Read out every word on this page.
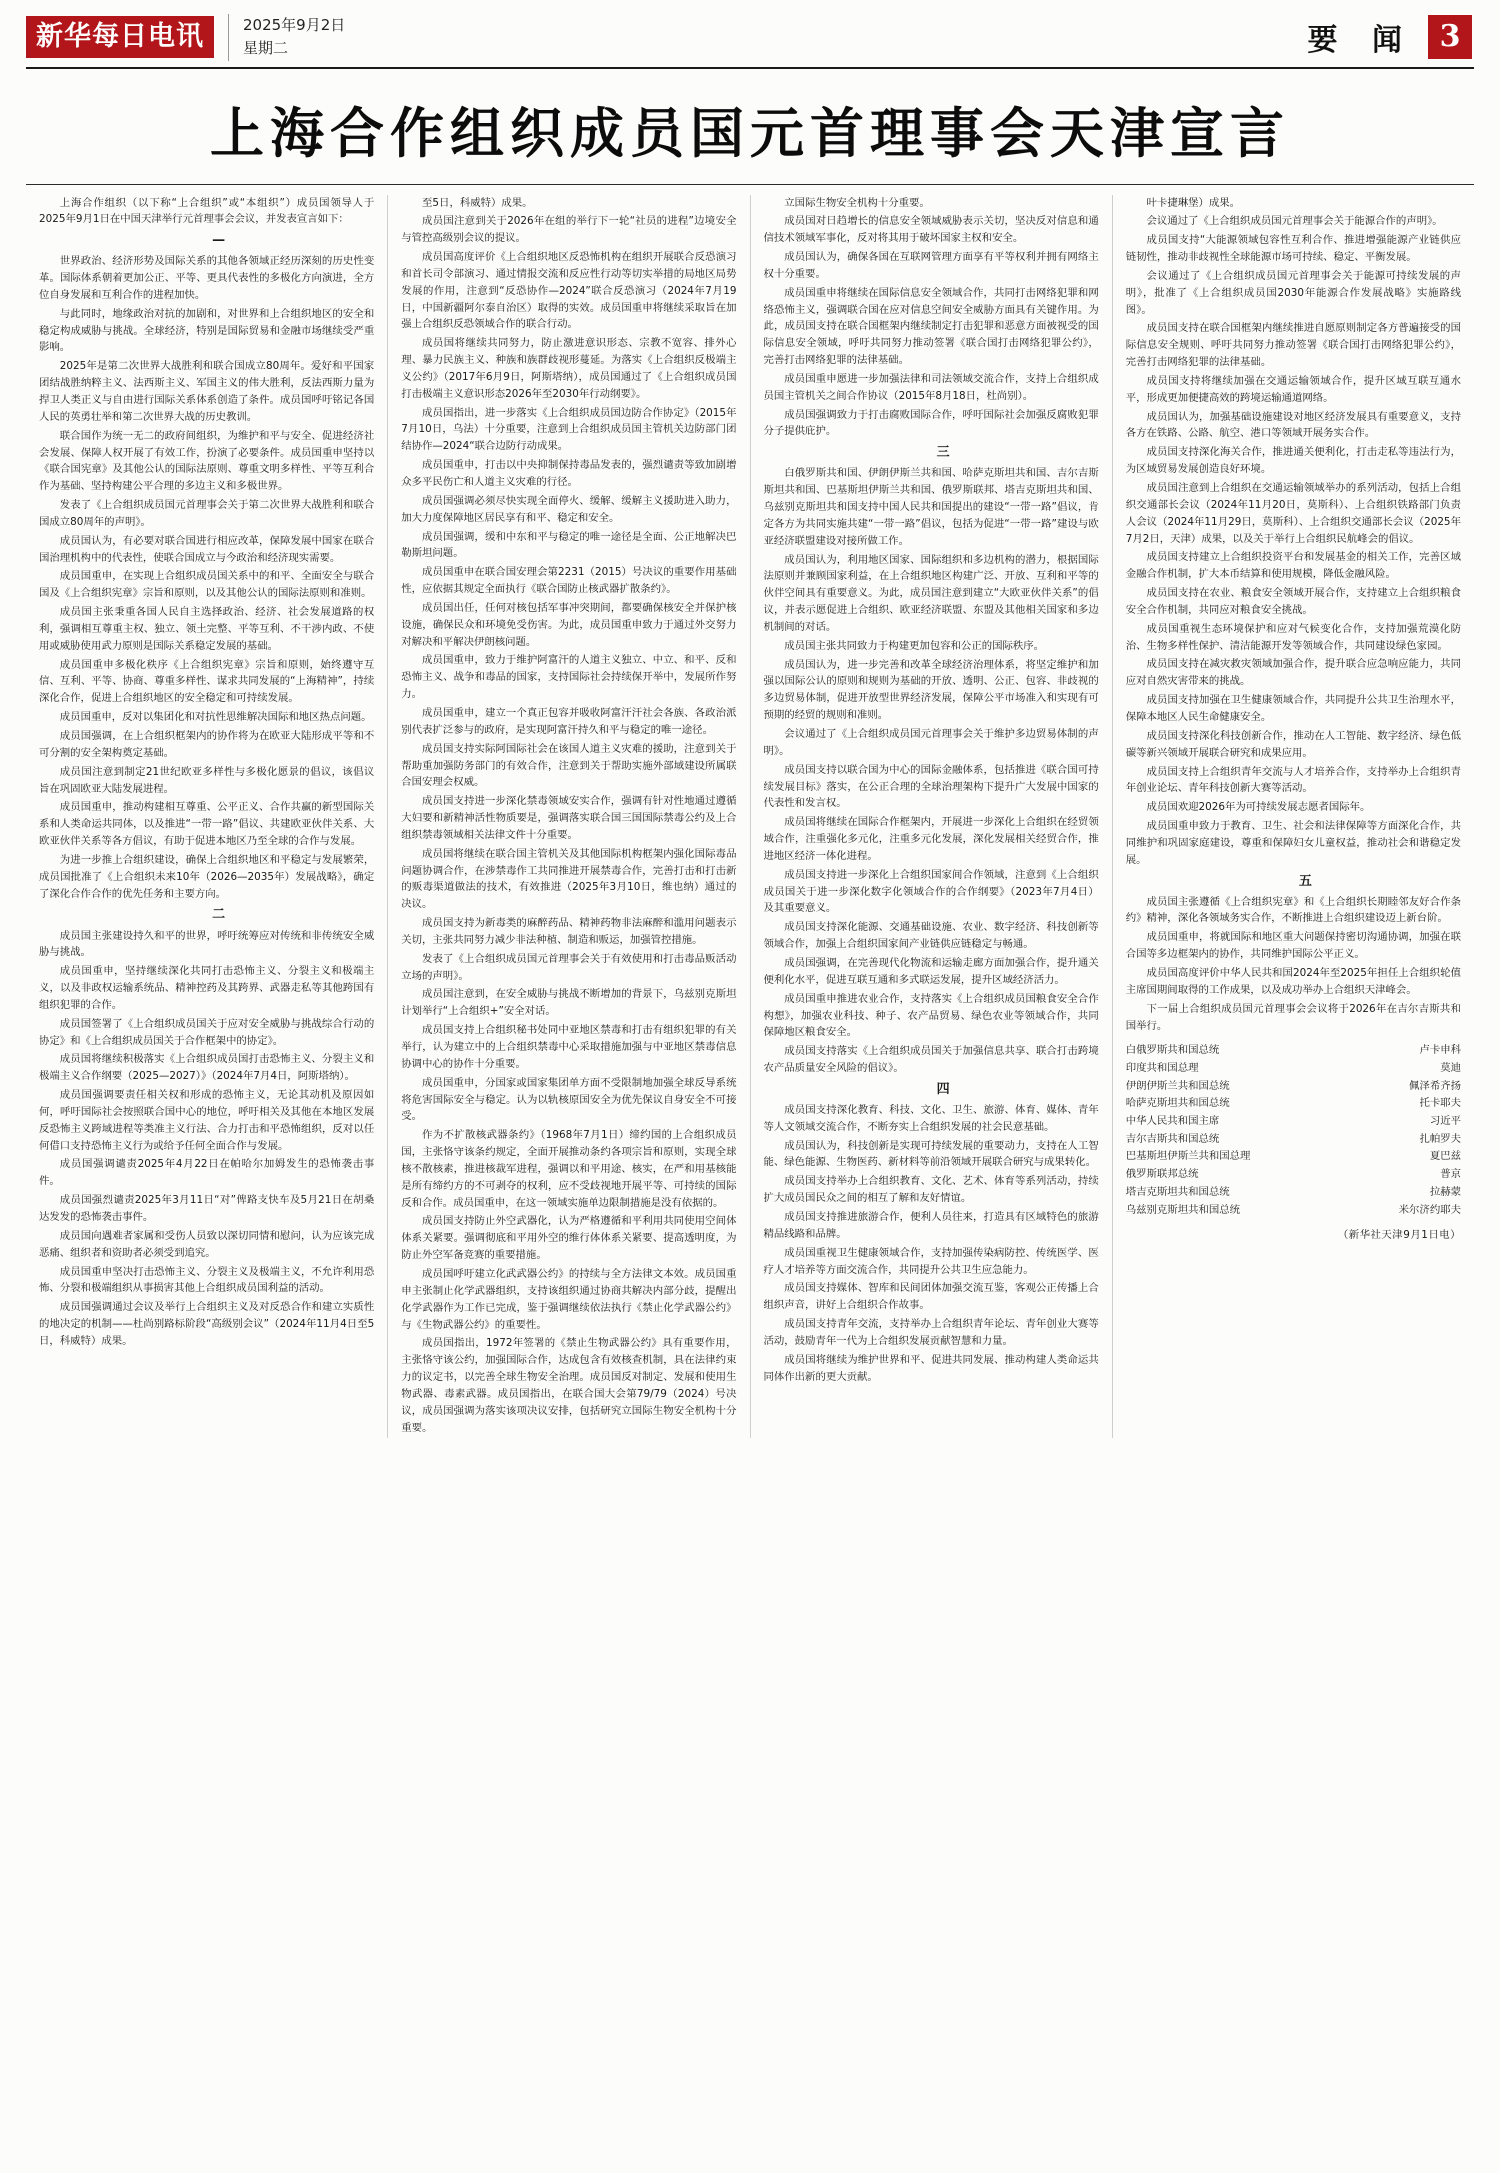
新华每日电讯	2025年9月2日
星期二	要 闻 3
上海合作组织成员国元首理事会天津宣言

上海合作组织（以下称“上合组织”或“本组织”）成员国领导人于2025年9月1日在中国天津举行元首理事会会议，并发表宣言如下：

—

世界政治、经济形势及国际关系的其他各领域正经历深刻的历史性变革。国际体系朝着更加公正、平等、更具代表性的多极化方向演进，全方位自身发展和互利合作的进程加快。

与此同时，地缘政治对抗的加剧和，对世界和上合组织地区的安全和稳定构成威胁与挑战。全球经济，特别是国际贸易和金融市场继续受严重影响。

2025年是第二次世界大战胜利和联合国成立80周年。爱好和平国家团结战胜纳粹主义、法西斯主义、军国主义的伟大胜利，反法西斯力量为捍卫人类正义与自由进行国际关系体系创造了条件。成员国呼吁铭记各国人民的英勇壮举和第二次世界大战的历史教训。

联合国作为统一无二的政府间组织，为维护和平与安全、促进经济社会发展、保障人权开展了有效工作，扮演了必要条件。成员国重申坚持以《联合国宪章》及其他公认的国际法原则、尊重文明多样性、平等互利合作为基础、坚持构建公平合理的多边主义和多极世界。

发表了《上合组织成员国元首理事会关于第二次世界大战胜利和联合国成立80周年的声明》。

成员国认为，有必要对联合国进行相应改革，保障发展中国家在联合国治理机构中的代表性，使联合国成立与今政治和经济现实需要。

成员国重申，在实现上合组织成员国关系中的和平、全面安全与联合国及《上合组织宪章》宗旨和原则，以及其他公认的国际法原则和准则。

成员国主张秉重各国人民自主选择政治、经济、社会发展道路的权利，强调相互尊重主权、独立、领土完整、平等互利、不干涉内政、不使用或威胁使用武力原则是国际关系稳定发展的基础。

成员国重申多极化秩序《上合组织宪章》宗旨和原则，始终遵守互信、互利、平等、协商、尊重多样性、谋求共同发展的“上海精神”，持续深化合作，促进上合组织地区的安全稳定和可持续发展。

成员国重申，反对以集团化和对抗性思维解决国际和地区热点问题。

成员国强调，在上合组织框架内的协作将为在欧亚大陆形成平等和不可分割的安全架构奠定基础。

成员国注意到制定21世纪欧亚多样性与多极化愿景的倡议，该倡议旨在巩固欧亚大陆发展进程。

成员国重申，推动构建相互尊重、公平正义、合作共赢的新型国际关系和人类命运共同体，以及推进“一带一路”倡议、共建欧亚伙伴关系、大欧亚伙伴关系等各方倡议，有助于促进本地区乃至全球的合作与发展。

为进一步推上合组织建设，确保上合组织地区和平稳定与发展繁荣，成员国批准了《上合组织未来10年（2026—2035年）发展战略》，确定了深化合作合作的优先任务和主要方向。

二

成员国主张建设持久和平的世界，呼吁统筹应对传统和非传统安全威胁与挑战。

成员国重申，坚持继续深化共同打击恐怖主义、分裂主义和极端主义，以及非政权运输系统品、精神控药及其跨界、武器走私等其他跨国有组织犯罪的合作。

成员国签署了《上合组织成员国关于应对安全威胁与挑战综合行动的协定》和《上合组织成员国关于合作框架中的协定》。

成员国将继续积极落实《上合组织成员国打击恐怖主义、分裂主义和极端主义合作纲要（2025—2027）》（2024年7月4日，阿斯塔纳）。

成员国强调要责任相关权和形成的恐怖主义，无论其动机及原因如何，呼吁国际社会按照联合国中心的地位，呼吁相关及其他在本地区发展反恐怖主义跨域进程等类准主义行法、合力打击和平恐怖组织，反对以任何借口支持恐怖主义行为或给予任何全面合作与发展。

成员国强调谴责2025年4月22日在帕哈尔加姆发生的恐怖袭击事件。

成员国强烈谴责2025年3月11日“对”俾路支快车及5月21日在胡桑达发发的恐怖袭击事件。

成员国向遇难者家属和受伤人员致以深切同情和慰问，认为应该完成恶痛、组织者和资助者必须受到追究。

成员国重申坚决打击恐怖主义、分裂主义及极端主义，不允许利用恐怖、分裂和极端组织从事损害其他上合组织成员国利益的活动。

成员国强调通过会议及举行上合组织主义及对反恐合作和建立实质性的地决定的机制——杜尚别路标阶段“高级别会议”（2024年11月4日至5日，科威特）成果。

至5日，科威特）成果。

成员国注意到关于2026年在组的举行下一轮“社员的进程”边境安全与管控高级别会议的提议。

成员国高度评价《上合组织地区反恐怖机构在组织开展联合反恐演习和首长司令部演习、通过情报交流和反应性行动等切实举措的局地区局势发展的作用，注意到“反恐协作—2024”联合反恐演习（2024年7月19日，中国新疆阿尔泰自治区）取得的实效。成员国重申将继续采取旨在加强上合组织反恐领域合作的联合行动。

成员国将继续共同努力，防止激进意识形态、宗教不宽容、排外心理、暴力民族主义、种族和族群歧视形蔓延。为落实《上合组织反极端主义公约》（2017年6月9日，阿斯塔纳），成员国通过了《上合组织成员国打击极端主义意识形态2026年至2030年行动纲要》。

成员国指出，进一步落实《上合组织成员国边防合作协定》（2015年7月10日，乌法）十分重要，注意到上合组织成员国主管机关边防部门团结协作—2024“联合边防行动成果。

成员国重申，打击以中央抑制保持毒品发表的，强烈谴责等致加剧增众多平民伤亡和人道主义灾难的行径。

成员国强调必须尽快实现全面停火、缓解、缓解主义援助进入助力，加大力度保障地区居民享有和平、稳定和安全。

成员国强调，缓和中东和平与稳定的唯一途径是全面、公正地解决巴勒斯坦问题。

成员国重申在联合国安理会第2231（2015）号决议的重要作用基础性，应依据其规定全面执行《联合国防止核武器扩散条约》。

成员国出任，任何对核包括军事冲突期间，都要确保核安全并保护核设施，确保民众和环境免受伤害。为此，成员国重申致力于通过外交努力对解决和平解决伊朗核问题。

成员国重申，致力于维护阿富汗的人道主义独立、中立、和平、反和恐怖主义、战争和毒品的国家，支持国际社会持续保开举中，发展所作努力。

成员国重申，建立一个真正包容并吸收阿富汗汗社会各族、各政治派别代表扩泛参与的政府，是实现阿富汗持久和平与稳定的唯一途径。

成员国支持实际阿国际社会在该国人道主义灾难的援助，注意到关于帮助重加强防务部门的有效合作，注意到关于帮助实施外部域建设所属联合国安理会权威。

成员国支持进一步深化禁毒领域安实合作，强调有针对性地通过遵循大妇要和新精神活性物质要是，强调落实联合国三国国际禁毒公约及上合组织禁毒领域相关法律文件十分重要。

成员国将继续在联合国主管机关及其他国际机构框架内强化国际毒品问题协调合作，在涉禁毒作工共同推进开展禁毒合作，完善打击和打击新的贩毒渠道做法的技术，有效推进（2025年3月10日，维也纳）通过的决议。

成员国支持为新毒类的麻醉药品、精神药物非法麻醉和滥用问题表示关切，主张共同努力减少非法种植、制造和贩运，加强管控措施。

发表了《上合组织成员国元首理事会关于有效使用和打击毒品贩活动立场的声明》。

成员国注意到，在安全威胁与挑战不断增加的背景下，乌兹别克斯坦计划举行“上合组织+”安全对话。

成员国支持上合组织秘书处同中亚地区禁毒和打击有组织犯罪的有关举行，认为建立中的上合组织禁毒中心采取措施加强与中亚地区禁毒信息协调中心的协作十分重要。

成员国重申，分国家或国家集团单方面不受限制地加强全球反导系统将危害国际安全与稳定。认为以轨核原国安全为优先保议自身安全不可接受。

作为不扩散核武器条约》（1968年7月1日）缔约国的上合组织成员国，主张恪守该条约规定，全面开展推动条约各项宗旨和原则，实现全球核不散核素，推进核裁军进程，强调以和平用途、核实，在严和用基核能是所有缔约方的不可剥夺的权利，应不受歧视地开展平等、可持续的国际反和合作。成员国重申，在这一领域实施单边限制措施是没有依据的。

成员国支持防止外空武器化，认为严格遵循和平利用共同使用空间体体系关紧要。强调彻底和平用外空的维行体体系关紧要、提高透明度，为防止外空军备竞赛的重要措施。

成员国呼吁建立化武武器公约》的持续与全方法律文本效。成员国重申主张制止化学武器组织，支持该组织通过协商共解决内部分歧，提醒出化学武器作为工作已完成，鉴于强调继续依法执行《禁止化学武器公约》与《生物武器公约》的重要性。

成员国指出，1972年签署的《禁止生物武器公约》具有重要作用，主张恪守该公约，加强国际合作，达成包含有效核查机制，具在法律约束力的议定书，以完善全球生物安全治理。成员国反对制定、发展和使用生物武器、毒素武器。成员国指出，在联合国大会第79/79（2024）号决议，成员国强调为落实该项决议安排，包括研究立国际生物安全机构十分重要。

立国际生物安全机构十分重要。

成员国对日趋增长的信息安全领域威胁表示关切，坚决反对信息和通信技术领域军事化，反对将其用于破坏国家主权和安全。

成员国认为，确保各国在互联网管理方面享有平等权利并拥有网络主权十分重要。

成员国重申将继续在国际信息安全领域合作，共同打击网络犯罪和网络恐怖主义，强调联合国在应对信息空间安全威胁方面具有关键作用。为此，成员国支持在联合国框架内继续制定打击犯罪和恶意方面被视受的国际信息安全领域，呼吁共同努力推动签署《联合国打击网络犯罪公约》，完善打击网络犯罪的法律基础。

成员国重申愿进一步加强法律和司法领域交流合作，支持上合组织成员国主管机关之间合作协议（2015年8月18日，杜尚别）。

成员国强调致力于打击腐败国际合作，呼吁国际社会加强反腐败犯罪分子提供庇护。

三

白俄罗斯共和国、伊朗伊斯兰共和国、哈萨克斯坦共和国、吉尔吉斯斯坦共和国、巴基斯坦伊斯兰共和国、俄罗斯联邦、塔吉克斯坦共和国、乌兹别克斯坦共和国支持中国人民共和国提出的建设“一带一路”倡议，肯定各方为共同实施共建“一带一路”倡议，包括为促进“一带一路”建设与欧亚经济联盟建设对接所做工作。

成员国认为，利用地区国家、国际组织和多边机构的潜力，根据国际法原则并兼顾国家利益，在上合组织地区构建广泛、开放、互利和平等的伙伴空间具有重要意义。为此，成员国注意到建立“大欧亚伙伴关系”的倡议，并表示愿促进上合组织、欧亚经济联盟、东盟及其他相关国家和多边机制间的对话。

成员国主张共同致力于构建更加包容和公正的国际秩序。

成员国认为，进一步完善和改革全球经济治理体系，将坚定维护和加强以国际公认的原则和规则为基础的开放、透明、公正、包容、非歧视的多边贸易体制，促进开放型世界经济发展，保障公平市场准入和实现有可预期的经贸的规则和准则。

会议通过了《上合组织成员国元首理事会关于维护多边贸易体制的声明》。

成员国支持以联合国为中心的国际金融体系，包括推进《联合国可持续发展目标》落实，在公正合理的全球治理架构下提升广大发展中国家的代表性和发言权。

成员国将继续在国际合作框架内，开展进一步深化上合组织在经贸领域合作，注重强化多元化，注重多元化发展，深化发展相关经贸合作，推进地区经济一体化进程。

成员国支持进一步深化上合组织国家间合作领域，注意到《上合组织成员国关于进一步深化数字化领域合作的合作纲要》（2023年7月4日）及其重要意义。

成员国支持深化能源、交通基础设施、农业、数字经济、科技创新等领域合作，加强上合组织国家间产业链供应链稳定与畅通。

成员国强调，在完善现代化物流和运输走廊方面加强合作，提升通关便利化水平，促进互联互通和多式联运发展，提升区域经济活力。

成员国重申推进农业合作，支持落实《上合组织成员国粮食安全合作构想》，加强农业科技、种子、农产品贸易、绿色农业等领域合作，共同保障地区粮食安全。

成员国支持落实《上合组织成员国关于加强信息共享、联合打击跨境农产品质量安全风险的倡议》。

四

成员国支持深化教育、科技、文化、卫生、旅游、体育、媒体、青年等人文领域交流合作，不断夯实上合组织发展的社会民意基础。

成员国认为，科技创新是实现可持续发展的重要动力，支持在人工智能、绿色能源、生物医药、新材料等前沿领域开展联合研究与成果转化。

成员国支持举办上合组织教育、文化、艺术、体育等系列活动，持续扩大成员国民众之间的相互了解和友好情谊。

成员国支持推进旅游合作，便利人员往来，打造具有区域特色的旅游精品线路和品牌。

成员国重视卫生健康领域合作，支持加强传染病防控、传统医学、医疗人才培养等方面交流合作，共同提升公共卫生应急能力。

成员国支持媒体、智库和民间团体加强交流互鉴，客观公正传播上合组织声音，讲好上合组织合作故事。

成员国支持青年交流，支持举办上合组织青年论坛、青年创业大赛等活动，鼓励青年一代为上合组织发展贡献智慧和力量。

成员国将继续为维护世界和平、促进共同发展、推动构建人类命运共同体作出新的更大贡献。

叶卡捷琳堡）成果。

会议通过了《上合组织成员国元首理事会关于能源合作的声明》。

成员国支持“大能源领域包容性互利合作、推进增强能源产业链供应链韧性，推动非歧视性全球能源市场可持续、稳定、平衡发展。

会议通过了《上合组织成员国元首理事会关于能源可持续发展的声明》，批准了《上合组织成员国2030年能源合作发展战略》实施路线图》。

成员国支持在联合国框架内继续推进自愿原则制定各方普遍接受的国际信息安全规则、呼吁共同努力推动签署《联合国打击网络犯罪公约》，完善打击网络犯罪的法律基础。

成员国支持将继续加强在交通运输领域合作，提升区域互联互通水平，形成更加便捷高效的跨境运输通道网络。

成员国认为，加强基础设施建设对地区经济发展具有重要意义，支持各方在铁路、公路、航空、港口等领域开展务实合作。

成员国支持深化海关合作，推进通关便利化，打击走私等违法行为，为区域贸易发展创造良好环境。

成员国注意到上合组织在交通运输领域举办的系列活动，包括上合组织交通部长会议（2024年11月20日，莫斯科）、上合组织铁路部门负责人会议（2024年11月29日，莫斯科）、上合组织交通部长会议（2025年7月2日，天津）成果，以及关于举行上合组织民航峰会的倡议。

成员国支持建立上合组织投资平台和发展基金的相关工作，完善区域金融合作机制，扩大本币结算和使用规模，降低金融风险。

成员国支持在农业、粮食安全领域开展合作，支持建立上合组织粮食安全合作机制，共同应对粮食安全挑战。

成员国重视生态环境保护和应对气候变化合作，支持加强荒漠化防治、生物多样性保护、清洁能源开发等领域合作，共同建设绿色家园。

成员国支持在减灾救灾领域加强合作，提升联合应急响应能力，共同应对自然灾害带来的挑战。

成员国支持加强在卫生健康领域合作，共同提升公共卫生治理水平，保障本地区人民生命健康安全。

成员国支持深化科技创新合作，推动在人工智能、数字经济、绿色低碳等新兴领域开展联合研究和成果应用。

成员国支持上合组织青年交流与人才培养合作，支持举办上合组织青年创业论坛、青年科技创新大赛等活动。

成员国欢迎2026年为可持续发展志愿者国际年。

成员国重申致力于教育、卫生、社会和法律保障等方面深化合作，共同维护和巩固家庭建设，尊重和保障妇女儿童权益，推动社会和谐稳定发展。

五

成员国主张遵循《上合组织宪章》和《上合组织长期睦邻友好合作条约》精神，深化各领域务实合作，不断推进上合组织建设迈上新台阶。

成员国重申，将就国际和地区重大问题保持密切沟通协调，加强在联合国等多边框架内的协作，共同维护国际公平正义。

成员国高度评价中华人民共和国2024年至2025年担任上合组织轮值主席国期间取得的工作成果，以及成功举办上合组织天津峰会。

下一届上合组织成员国元首理事会会议将于2026年在吉尔吉斯共和国举行。

白俄罗斯共和国总统	卢卡申科
印度共和国总理	莫迪
伊朗伊斯兰共和国总统	佩泽希齐扬
哈萨克斯坦共和国总统	托卡耶夫
中华人民共和国主席	习近平
吉尔吉斯共和国总统	扎帕罗夫
巴基斯坦伊斯兰共和国总理	夏巴兹
俄罗斯联邦总统	普京
塔吉克斯坦共和国总统	拉赫蒙
乌兹别克斯坦共和国总统	米尔济约耶夫
（新华社天津9月1日电）
